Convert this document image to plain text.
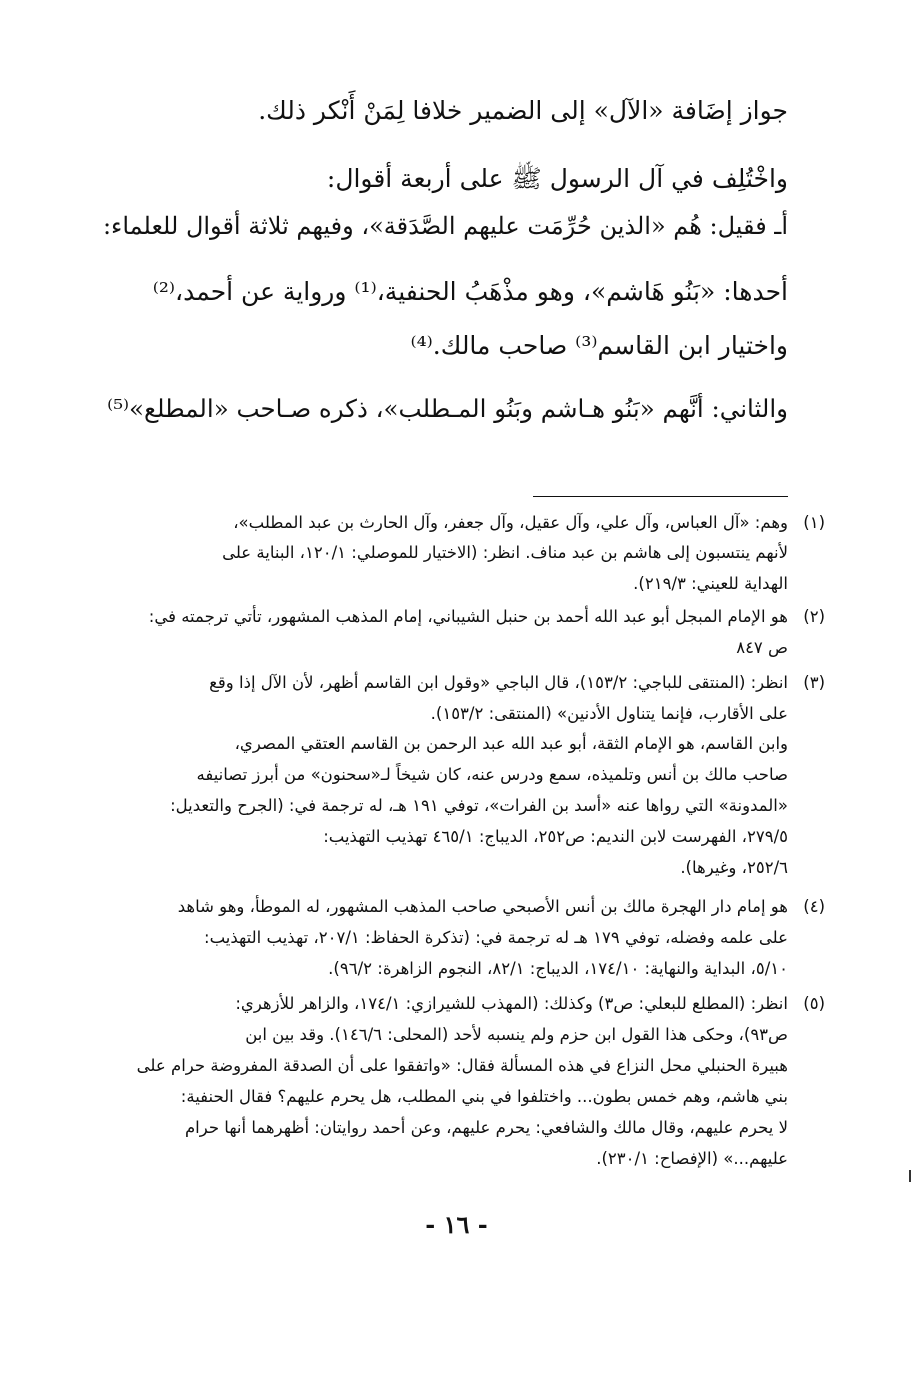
جواز إضَافة «الآل» إلى الضمير خلافا لِمَنْ أَنْكر ذلك.
واخْتُلِف في آل الرسول ﷺ على أربعة أقوال:
أـ فقيل: هُم «الذين حُرِّمَت عليهم الصَّدَقة»، وفيهم ثلاثة أقوال للعلماء:
أحدها: «بَنُو هَاشم»، وهو مذْهَبُ الحنفية،⁽¹⁾ ورواية عن أحمد،⁽²⁾
واختيار ابن القاسم⁽³⁾ صاحب مالك.⁽⁴⁾
والثاني: أنَّهم «بَنُو هـاشم وبَنُو المـطلب»، ذكره صـاحب «المطلع»⁽⁵⁾
(١)
وهم: «آل العباس، وآل علي، وآل عقيل، وآل جعفر، وآل الحارث بن عبد المطلب»،
لأنهم ينتسبون إلى هاشم بن عبد مناف. انظر: (الاختيار للموصلي: ١٢٠/١، البناية على
الهداية للعيني: ٢١٩/٣).
(٢)
هو الإمام المبجل أبو عبد الله أحمد بن حنبل الشيباني، إمام المذهب المشهور، تأتي ترجمته في:
ص ٨٤٧
(٣)
انظر: (المنتقى للباجي: ١٥٣/٢)، قال الباجي «وقول ابن القاسم أظهر، لأن الآل إذا وقع
على الأقارب، فإنما يتناول الأدنين» (المنتقى: ١٥٣/٢).
وابن القاسم، هو الإمام الثقة، أبو عبد الله عبد الرحمن بن القاسم العتقي المصري،
صاحب مالك بن أنس وتلميذه، سمع ودرس عنه، كان شيخاً لـ«سحنون» من أبرز تصانيفه
«المدونة» التي رواها عنه «أسد بن الفرات»، توفي ١٩١ هـ، له ترجمة في: (الجرح والتعديل:
٢٧٩/٥، الفهرست لابن النديم: ص٢٥٢، الديباج: ٤٦٥/١ تهذيب التهذيب:
٢٥٢/٦، وغيرها).
(٤)
هو إمام دار الهجرة مالك بن أنس الأصبحي صاحب المذهب المشهور، له الموطأ، وهو شاهد
على علمه وفضله، توفي ١٧٩ هـ له ترجمة في: (تذكرة الحفاظ: ٢٠٧/١، تهذيب التهذيب:
٥/١٠، البداية والنهاية: ١٧٤/١٠، الديباج: ٨٢/١، النجوم الزاهرة: ٩٦/٢).
(٥)
انظر: (المطلع للبعلي: ص٣) وكذلك: (المهذب للشيرازي: ١٧٤/١، والزاهر للأزهري:
ص٩٣)، وحكى هذا القول ابن حزم ولم ينسبه لأحد (المحلى: ١٤٦/٦). وقد بين ابن
هبيرة الحنبلي محل النزاع في هذه المسألة فقال: «واتفقوا على أن الصدقة المفروضة حرام على
بني هاشم، وهم خمس بطون... واختلفوا في بني المطلب، هل يحرم عليهم؟ فقال الحنفية:
لا يحرم عليهم، وقال مالك والشافعي: يحرم عليهم، وعن أحمد روايتان: أظهرهما أنها حرام
عليهم...» (الإفصاح: ٢٣٠/١).
- ١٦ -
